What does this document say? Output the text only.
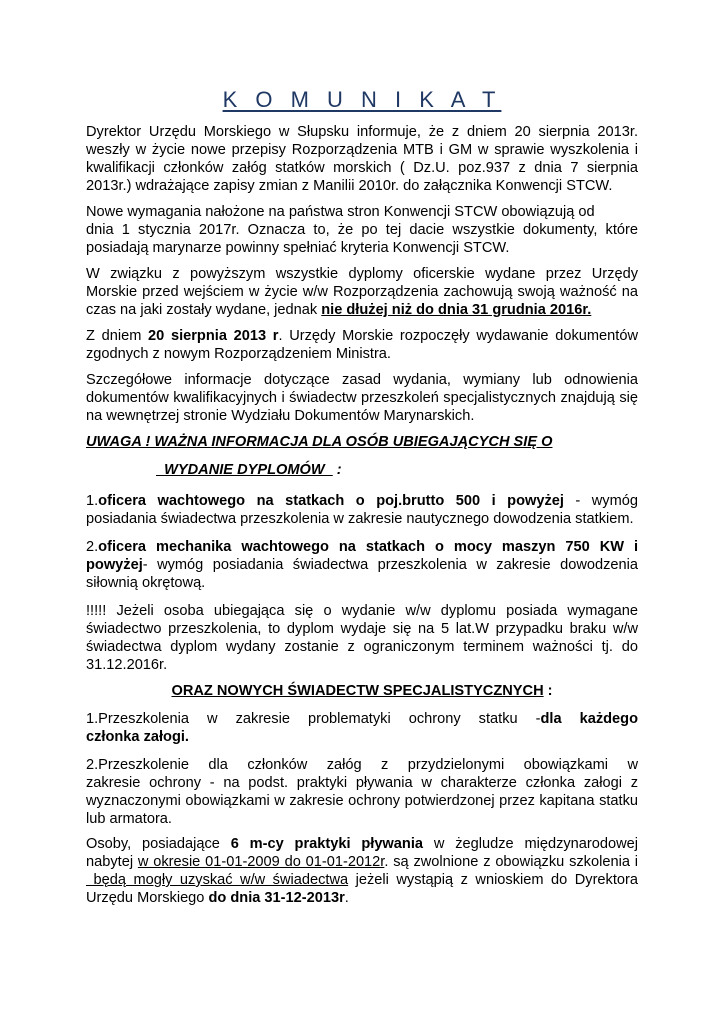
K O M U N I K A T
Dyrektor Urzędu Morskiego w Słupsku informuje, że z dniem 20 sierpnia 2013r.
weszły w życie nowe przepisy Rozporządzenia MTB i GM w sprawie wyszkolenia i
kwalifikacji członków załóg statków morskich ( Dz.U. poz.937 z dnia 7 sierpnia
2013r.) wdrażające zapisy zmian z Manilii 2010r. do załącznika Konwencji STCW.
Nowe wymagania nałożone na państwa stron Konwencji STCW obowiązują od
dnia 1 stycznia 2017r. Oznacza to, że po tej dacie wszystkie dokumenty, które
posiadają marynarze powinny spełniać kryteria Konwencji STCW.
W związku z powyższym wszystkie dyplomy oficerskie wydane przez Urzędy
Morskie przed wejściem w życie w/w Rozporządzenia zachowują swoją ważność na
czas na jaki zostały wydane, jednak nie dłużej niż do dnia 31 grudnia 2016r.
Z dniem 20 sierpnia 2013 r. Urzędy Morskie rozpoczęły wydawanie dokumentów
zgodnych z nowym Rozporządzeniem Ministra.
Szczegółowe informacje dotyczące zasad wydania, wymiany lub odnowienia
dokumentów kwalifikacyjnych i świadectw przeszkoleń specjalistycznych znajdują się
na wewnętrzej stronie Wydziału Dokumentów Marynarskich.
UWAGA ! WAŻNA INFORMACJA DLA OSÓB UBIEGAJĄCYCH SIĘ O
WYDANIE DYPLOMÓW   :
1.oficera wachtowego na statkach o poj.brutto 500 i powyżej - wymóg
posiadania świadectwa przeszkolenia w zakresie nautycznego dowodzenia statkiem.
2.oficera mechanika wachtowego na statkach o mocy maszyn 750 KW i
powyżej- wymóg posiadania świadectwa przeszkolenia w zakresie dowodzenia
siłownią okrętową.
!!!!! Jeżeli osoba ubiegająca się o wydanie w/w dyplomu posiada wymagane
świadectwo przeszkolenia, to dyplom wydaje się na 5 lat.W przypadku braku w/w
świadectwa dyplom wydany zostanie z ograniczonym terminem ważności tj. do
31.12.2016r.
ORAZ NOWYCH ŚWIADECTW SPECJALISTYCZNYCH :
1.Przeszkolenia w zakresie problematyki ochrony statku -dla każdego
członka załogi.
2.Przeszkolenie dla członków załóg z przydzielonymi obowiązkami w
zakresie ochrony - na podst. praktyki pływania w charakterze członka załogi z
wyznaczonymi obowiązkami w zakresie ochrony potwierdzonej przez kapitana statku
lub armatora.
Osoby, posiadające 6 m-cy praktyki pływania w żegludze międzynarodowej
nabytej w okresie 01-01-2009 do 01-01-2012r. są zwolnione z obowiązku szkolenia i
będą mogły uzyskać w/w świadectwa jeżeli wystąpią z wnioskiem do Dyrektora
Urzędu Morskiego do dnia 31-12-2013r.
